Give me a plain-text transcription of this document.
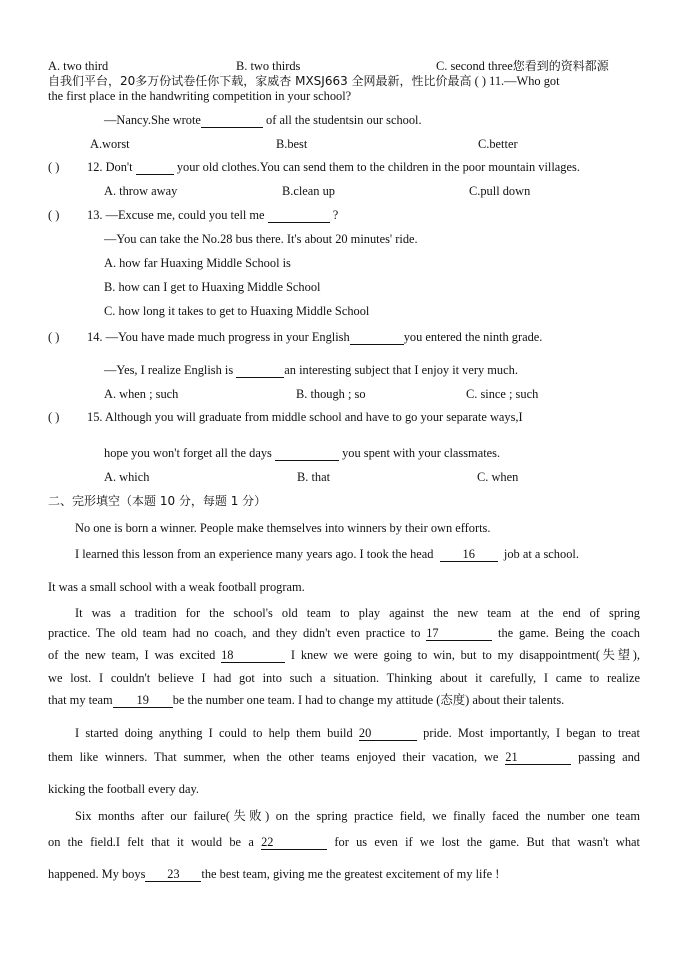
A. two third	B. two thirds	C. second three您看到的资料都源
自我们平台，20多万份试卷任你下载，家威杏 MXSJ663 全网最新，性比价最高 ( ) 11.—Who got
the first place in the handwriting competition in your school?
—Nancy.She wrote	of all the studentsin our school.
A.worst	B.best	C.better
( ) 12. Don't	your old clothes.You can send them to the children in the poor mountain villages.
A. throw away	B.clean up	C.pull down
( ) 13. —Excuse me, could you tell me	?
—You can take the No.28 bus there. It's about 20 minutes' ride.
A. how far Huaxing Middle School is
B. how can I get to Huaxing Middle School
C. how long it takes to get to Huaxing Middle School
( ) 14. —You have made much progress in your English	you entered the ninth grade.
—Yes, I realize English is	an interesting subject that I enjoy it very much.
A. when ; such	B. though ; so	C. since ; such
( ) 15. Although you will graduate from middle school and have to go your separate ways,I
hope you won't forget all the days	you spent with your classmates.
A. which	B. that	C. when
二、完形填空（本题 10 分，每题 1 分）
No one is born a winner. People make themselves into winners by their own efforts.
I learned this lesson from an experience many years ago. I took the head 16 job at a school.
It was a small school with a weak football program.
It was a tradition for the school's old team to play against the new team at the end of spring
practice. The old team had no coach, and they didn't even practice to 17	the game. Being the coach
of the new team, I was excited 18	I knew we were going to win, but to my disappointment(失望),
we lost. I couldn't believe I had got into such a situation. Thinking about it carefully, I came to realize
that my team 19 be the number one team. I had to change my attitude (态度) about their talents.
I started doing anything I could to help them build 20	pride. Most importantly, I began to treat
them like winners. That summer, when the other teams enjoyed their vacation, we 21	passing and
kicking the football every day.
Six months after our failure(失败) on the spring practice field, we finally faced the number one team
on the field.I felt that it would be a 22	for us even if we lost the game. But that wasn't what
happened. My boys 23 the best team, giving me the greatest excitement of my life !
